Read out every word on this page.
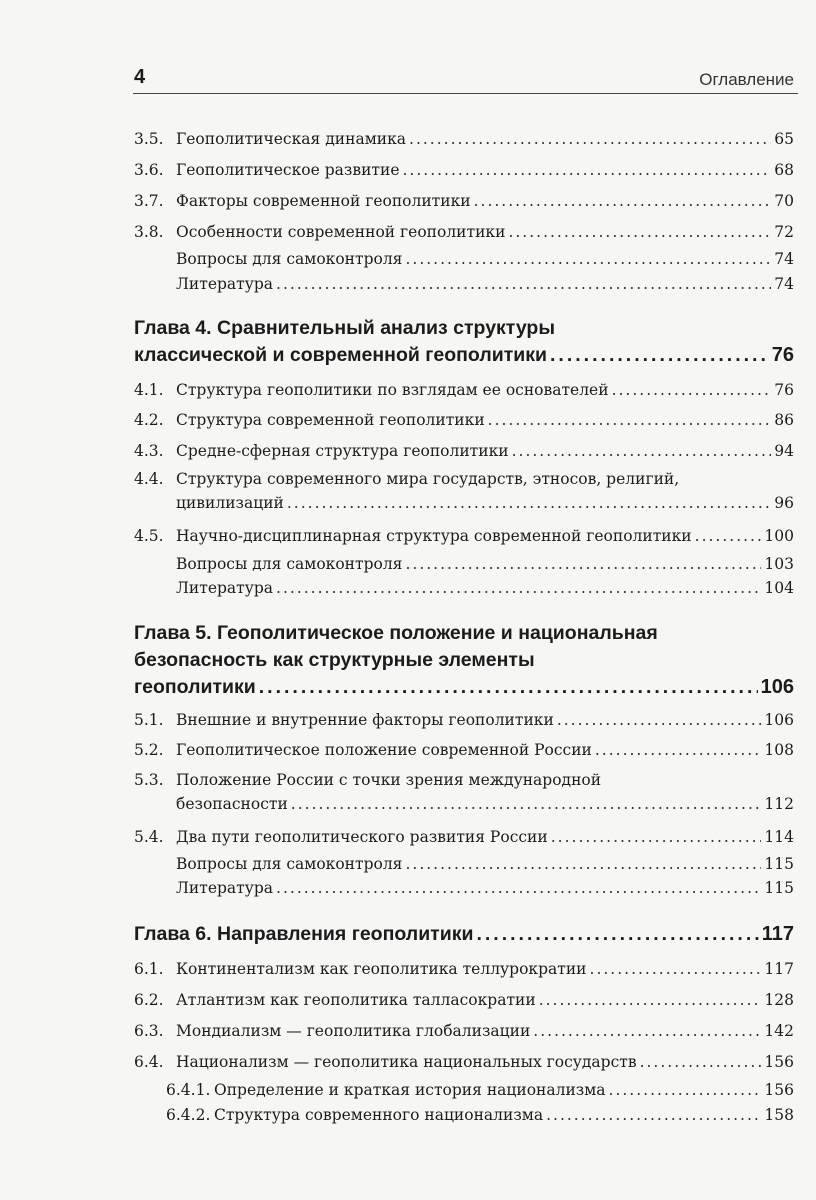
4	Оглавление
3.5. Геополитическая динамика .....	65
3.6. Геополитическое развитие .....	68
3.7. Факторы современной геополитики .....	70
3.8. Особенности современной геополитики .....	72
Вопросы для самоконтроля .....	74
Литература .....	74
Глава 4. Сравнительный анализ структуры
классической и современной геополитики .....	76
4.1. Структура геополитики по взглядам ее основателей .....	76
4.2. Структура современной геополитики .....	86
4.3. Средне-сферная структура геополитики .....	94
4.4. Структура современного мира государств, этносов, религий,
цивилизаций .....	96
4.5. Научно-дисциплинарная структура современной геополитики .....	100
Вопросы для самоконтроля .....	103
Литература .....	104
Глава 5. Геополитическое положение и национальная
безопасность как структурные элементы
геополитики .....	106
5.1. Внешние и внутренние факторы геополитики .....	106
5.2. Геополитическое положение современной России .....	108
5.3. Положение России с точки зрения международной
безопасности .....	112
5.4. Два пути геополитического развития России .....	114
Вопросы для самоконтроля .....	115
Литература .....	115
Глава 6. Направления геополитики .....	117
6.1. Континентализм как геополитика теллурократии .....	117
6.2. Атлантизм как геополитика талласократии .....	128
6.3. Мондиализм — геополитика глобализации .....	142
6.4. Национализм — геополитика национальных государств .....	156
6.4.1. Определение и краткая история национализма .....	156
6.4.2. Структура современного национализма .....	158
